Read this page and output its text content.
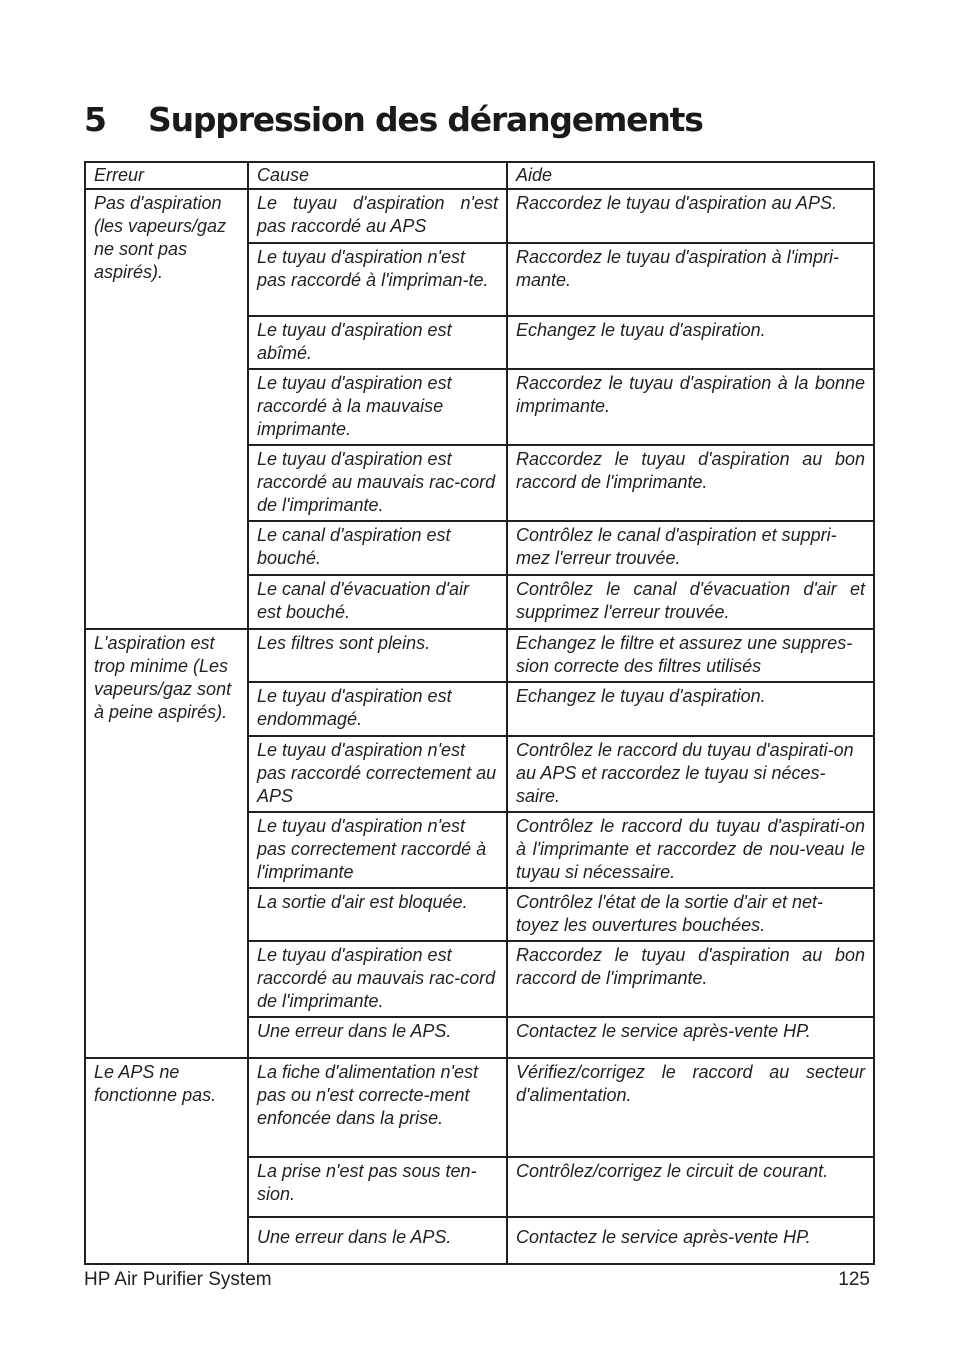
5 Suppression des dérangements
Erreur	Cause	Aide
Pas d'aspiration (les vapeurs/gaz ne sont pas aspirés).	Le tuyau d'aspiration n'est pas raccordé au APS	Raccordez le tuyau d'aspiration au APS.
	Le tuyau d'aspiration n'est pas raccordé à l'impriman-te.	Raccordez le tuyau d'aspiration à l'impri-mante.
	Le tuyau d'aspiration est abîmé.	Echangez le tuyau d'aspiration.
	Le tuyau d'aspiration est raccordé à la mauvaise imprimante.	Raccordez le tuyau d'aspiration à la bonne imprimante.
	Le tuyau d'aspiration est raccordé au mauvais rac-cord de l'imprimante.	Raccordez le tuyau d'aspiration au bon raccord de l'imprimante.
	Le canal d'aspiration est bouché.	Contrôlez le canal d'aspiration et suppri-mez l'erreur trouvée.
	Le canal d'évacuation d'air est bouché.	Contrôlez le canal d'évacuation d'air et supprimez l'erreur trouvée.
L'aspiration est trop minime (Les vapeurs/gaz sont à peine aspirés).	Les filtres sont pleins.	Echangez le filtre et assurez une suppres-sion correcte des filtres utilisés
	Le tuyau d'aspiration est endommagé.	Echangez le tuyau d'aspiration.
	Le tuyau d'aspiration n'est pas raccordé correctement au APS	Contrôlez le raccord du tuyau d'aspirati-on au APS et raccordez le tuyau si néces-saire.
	Le tuyau d'aspiration n'est pas correctement raccordé à l'imprimante	Contrôlez le raccord du tuyau d'aspirati-on à l'imprimante et raccordez de nou-veau le tuyau si nécessaire.
	La sortie d'air est bloquée.	Contrôlez l'état de la sortie d'air et net-toyez les ouvertures bouchées.
	Le tuyau d'aspiration est raccordé au mauvais rac-cord de l'imprimante.	Raccordez le tuyau d'aspiration au bon raccord de l'imprimante.
	Une erreur dans le APS.	Contactez le service après-vente HP.
Le APS ne fonctionne pas.	La fiche d'alimentation n'est pas ou n'est correcte-ment enfoncée dans la prise.	Vérifiez/corrigez le raccord au secteur d'alimentation.
	La prise n'est pas sous ten-sion.	Contrôlez/corrigez le circuit de courant.
	Une erreur dans le APS.	Contactez le service après-vente HP.
HP Air Purifier System	125
